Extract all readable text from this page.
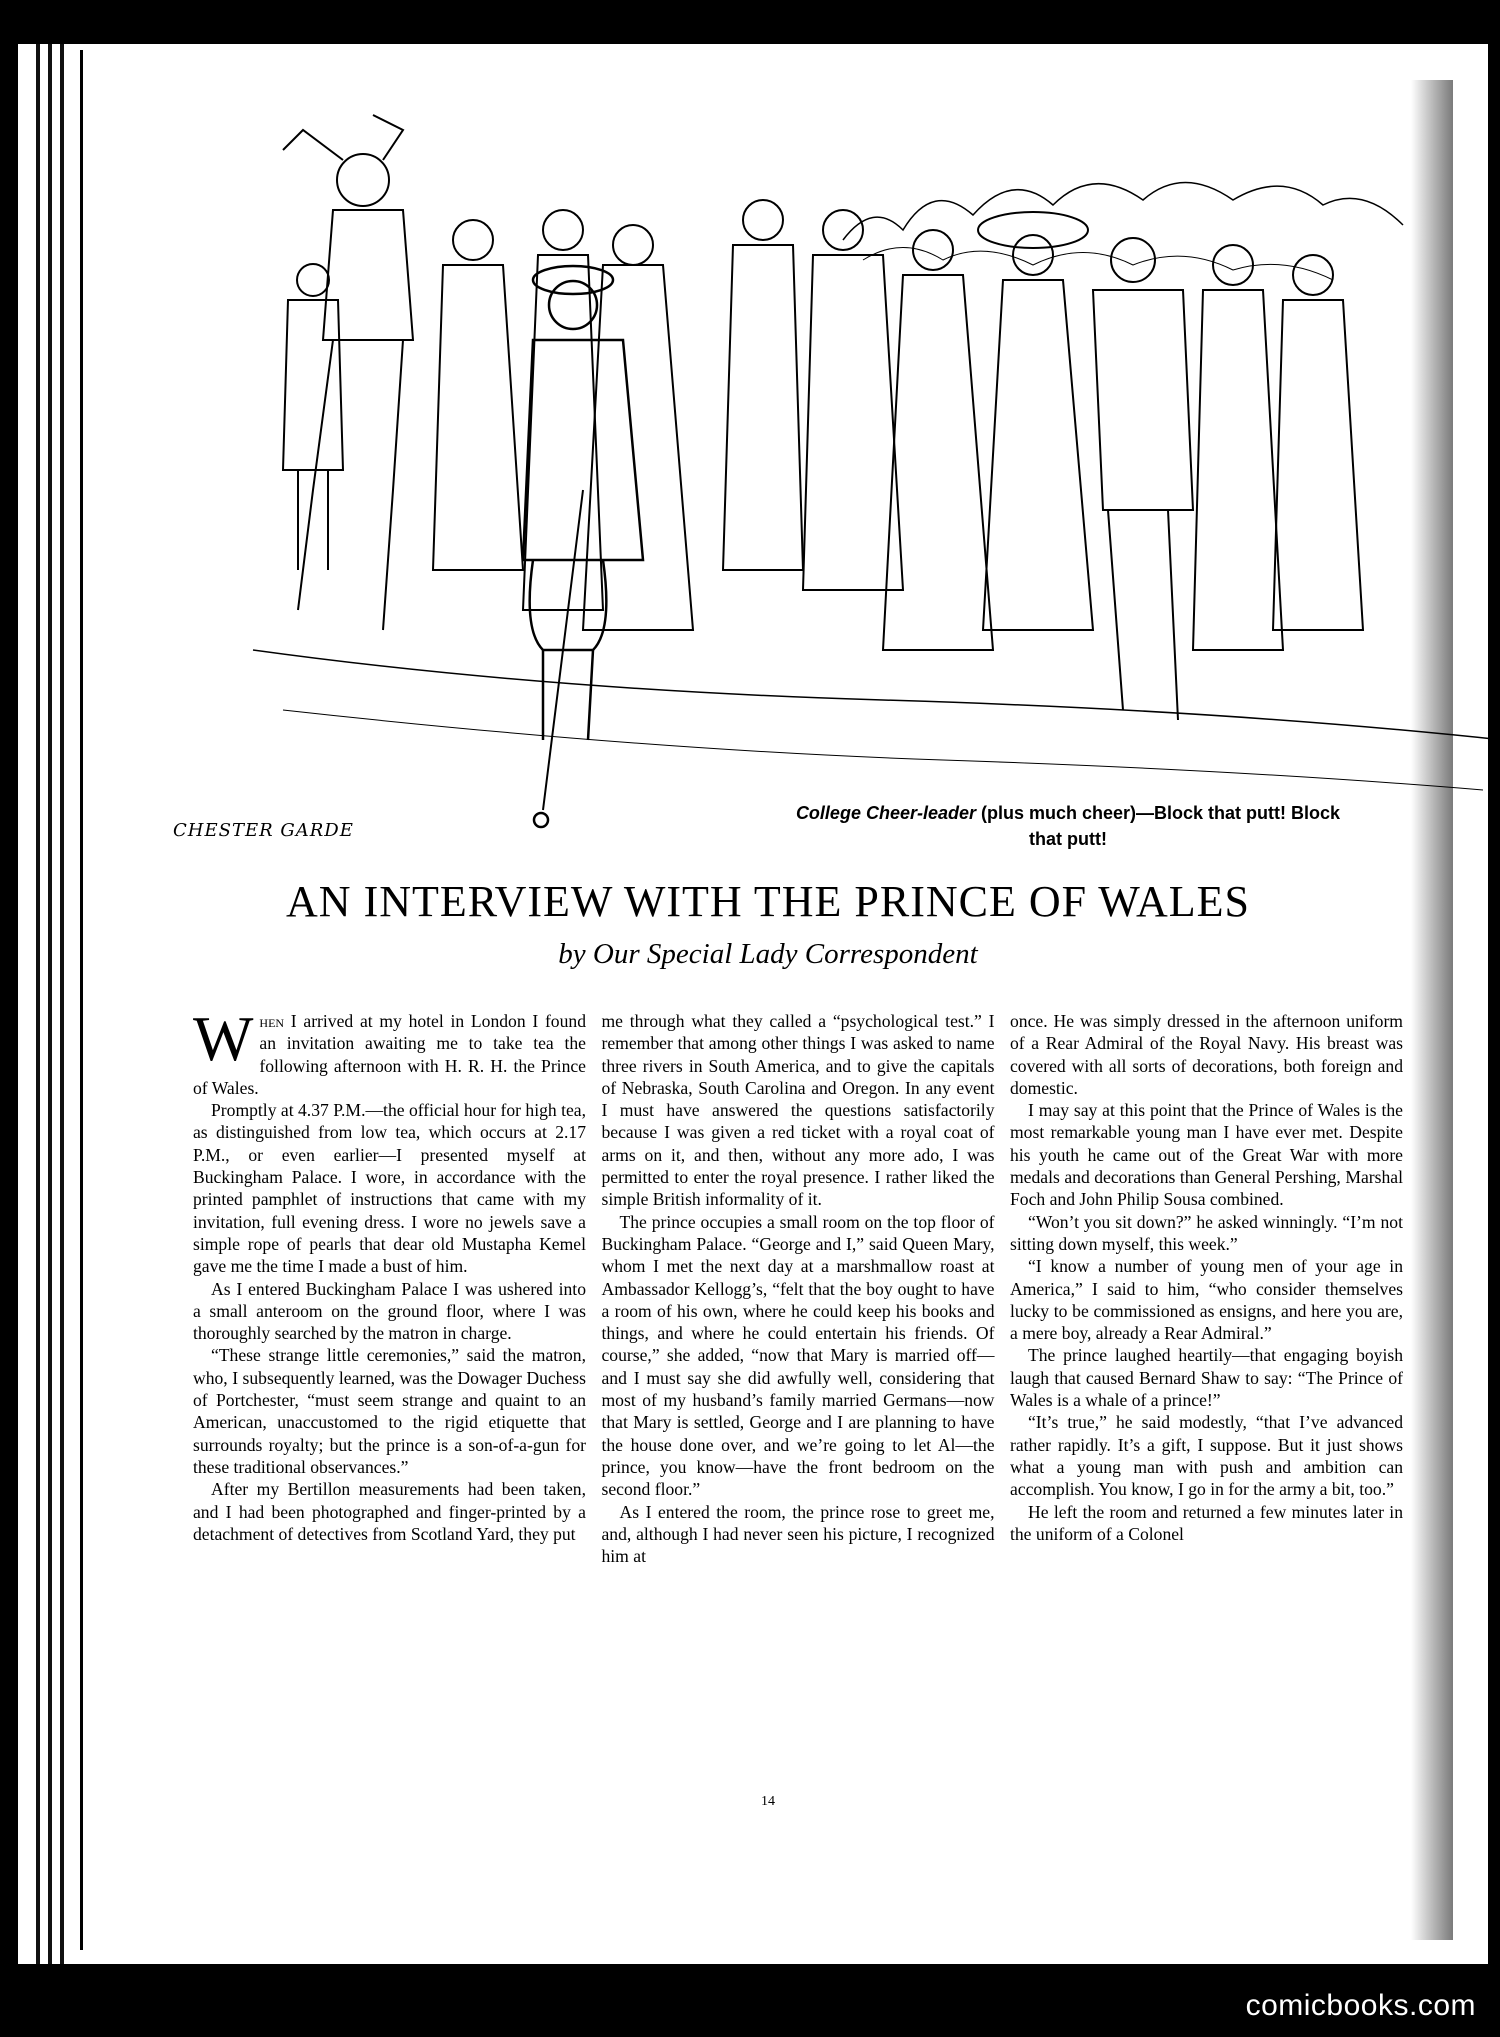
CHESTER GARDE
College Cheer-leader (plus much cheer)—Block that putt! Block that putt!
AN INTERVIEW WITH THE PRINCE OF WALES
by Our Special Lady Correspondent

When I arrived at my hotel in London I found an invitation awaiting me to take tea the following afternoon with H. R. H. the Prince of Wales.

Promptly at 4.37 P.M.—the official hour for high tea, as distinguished from low tea, which occurs at 2.17 P.M., or even earlier—I presented myself at Buckingham Palace. I wore, in accordance with the printed pamphlet of instructions that came with my invitation, full evening dress. I wore no jewels save a simple rope of pearls that dear old Mustapha Kemel gave me the time I made a bust of him.

As I entered Buckingham Palace I was ushered into a small anteroom on the ground floor, where I was thoroughly searched by the matron in charge.

“These strange little ceremonies,” said the matron, who, I subsequently learned, was the Dowager Duchess of Portchester, “must seem strange and quaint to an American, unaccustomed to the rigid etiquette that surrounds royalty; but the prince is a son-of-a-gun for these traditional observances.”

After my Bertillon measurements had been taken, and I had been photographed and finger-printed by a detachment of detectives from Scotland Yard, they put

me through what they called a “psychological test.” I remember that among other things I was asked to name three rivers in South America, and to give the capitals of Nebraska, South Carolina and Oregon. In any event I must have answered the questions satisfactorily because I was given a red ticket with a royal coat of arms on it, and then, without any more ado, I was permitted to enter the royal presence. I rather liked the simple British informality of it.

The prince occupies a small room on the top floor of Buckingham Palace. “George and I,” said Queen Mary, whom I met the next day at a marshmallow roast at Ambassador Kellogg’s, “felt that the boy ought to have a room of his own, where he could keep his books and things, and where he could entertain his friends. Of course,” she added, “now that Mary is married off—and I must say she did awfully well, considering that most of my husband’s family married Germans—now that Mary is settled, George and I are planning to have the house done over, and we’re going to let Al—the prince, you know—have the front bedroom on the second floor.”

As I entered the room, the prince rose to greet me, and, although I had never seen his picture, I recognized him at

once. He was simply dressed in the afternoon uniform of a Rear Admiral of the Royal Navy. His breast was covered with all sorts of decorations, both foreign and domestic.

I may say at this point that the Prince of Wales is the most remarkable young man I have ever met. Despite his youth he came out of the Great War with more medals and decorations than General Pershing, Marshal Foch and John Philip Sousa combined.

“Won’t you sit down?” he asked winningly. “I’m not sitting down myself, this week.”

“I know a number of young men of your age in America,” I said to him, “who consider themselves lucky to be commissioned as ensigns, and here you are, a mere boy, already a Rear Admiral.”

The prince laughed heartily—that engaging boyish laugh that caused Bernard Shaw to say: “The Prince of Wales is a whale of a prince!”

“It’s true,” he said modestly, “that I’ve advanced rather rapidly. It’s a gift, I suppose. But it just shows what a young man with push and ambition can accomplish. You know, I go in for the army a bit, too.”

He left the room and returned a few minutes later in the uniform of a Colonel

14
comicbooks.com
